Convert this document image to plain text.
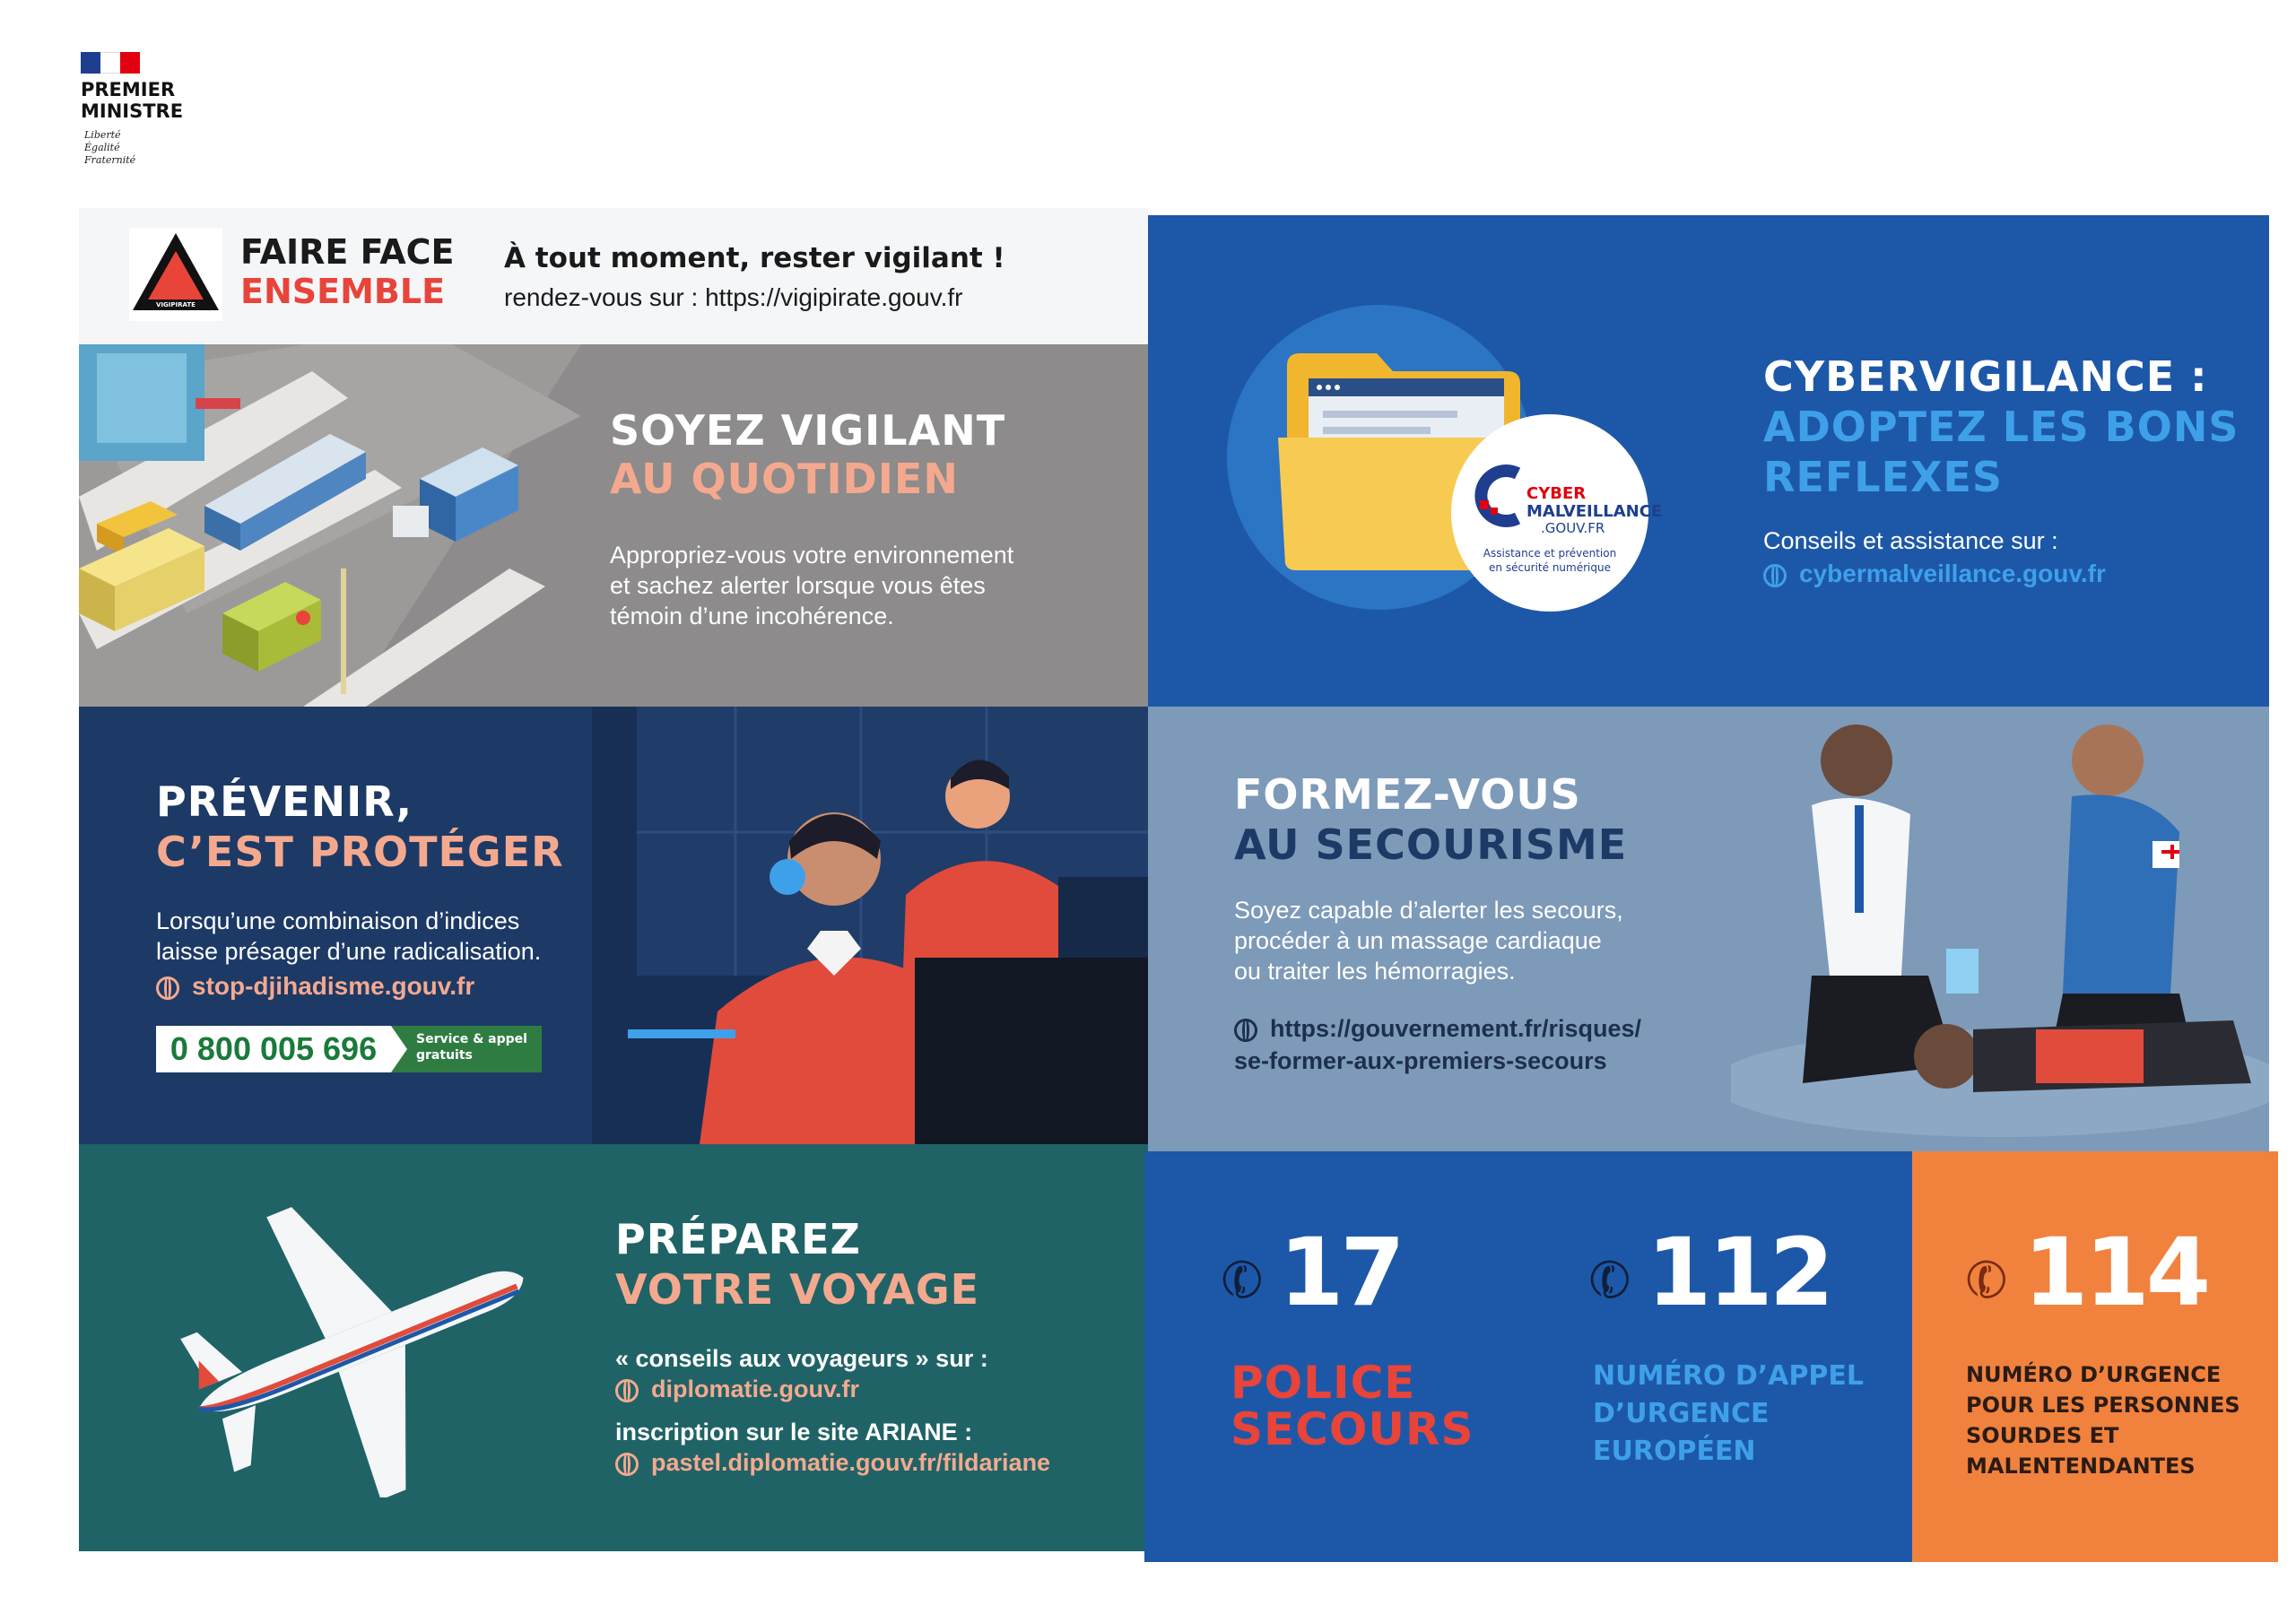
PREMIER
MINISTRE
Liberté
Égalité
Fraternité
VIGIPIRATE
FAIRE FACE
ENSEMBLE
À tout moment, rester vigilant !
rendez-vous sur : https://vigipirate.gouv.fr
SOYEZ VIGILANT
AU QUOTIDIEN
Appropriez-vous votre environnement
et sachez alerter lorsque vous êtes
témoin d’une incohérence.
CYBER
MALVEILLANCE
.GOUV.FR
Assistance et prévention
en sécurité numérique
CYBERVIGILANCE :
ADOPTEZ LES BONS
REFLEXES
Conseils et assistance sur :
cybermalveillance.gouv.fr
PRÉVENIR,
C’EST PROTÉGER
Lorsqu’une combinaison d’indices
laisse présager d’une radicalisation.
stop-djihadisme.gouv.fr
0 800 005 696	Service & appel
gratuits
FORMEZ-VOUS
AU SECOURISME
Soyez capable d’alerter les secours,
procéder à un massage cardiaque
ou traiter les hémorragies.
https://gouvernement.fr/risques/
se-former-aux-premiers-secours
PRÉPAREZ
VOTRE VOYAGE
« conseils aux voyageurs » sur :
diplomatie.gouv.fr
inscription sur le site ARIANE :
pastel.diplomatie.gouv.fr/fildariane
✆ 17
POLICE
SECOURS
✆ 112
NUMÉRO D’APPEL
D’URGENCE
EUROPÉEN
✆ 114
NUMÉRO D’URGENCE
POUR LES PERSONNES
SOURDES ET
MALENTENDANTES
